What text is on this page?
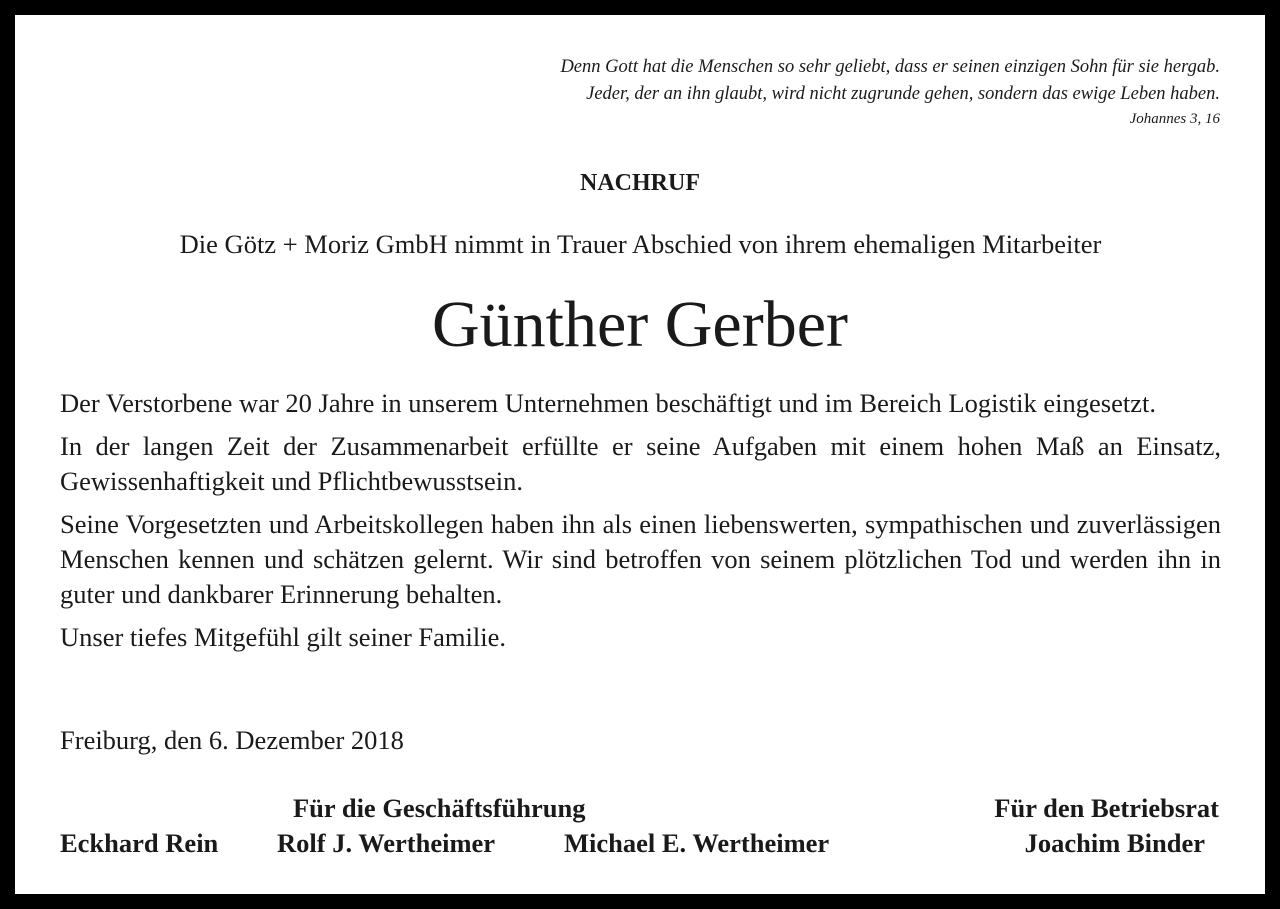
Denn Gott hat die Menschen so sehr geliebt, dass er seinen einzigen Sohn für sie hergab.
Jeder, der an ihn glaubt, wird nicht zugrunde gehen, sondern das ewige Leben haben.
Johannes 3, 16
NACHRUF
Die Götz + Moriz GmbH nimmt in Trauer Abschied von ihrem ehemaligen Mitarbeiter
Günther Gerber

Der Verstorbene war 20 Jahre in unserem Unternehmen beschäftigt und im Bereich Logistik eingesetzt.

In der langen Zeit der Zusammenarbeit erfüllte er seine Aufgaben mit einem hohen Maß an Einsatz, Gewissenhaftigkeit und Pflichtbewusstsein.

Seine Vorgesetzten und Arbeitskollegen haben ihn als einen liebenswerten, sympathischen und zuverlässigen Menschen kennen und schätzen gelernt. Wir sind betroffen von seinem plötzlichen Tod und werden ihn in guter und dankbarer Erinnerung behalten.

Unser tiefes Mitgefühl gilt seiner Familie.

Freiburg, den 6. Dezember 2018
Für die Geschäftsführung	Für den Betriebsrat
Eckhard Rein Rolf J. Wertheimer	Michael E. Wertheimer	Joachim Binder
